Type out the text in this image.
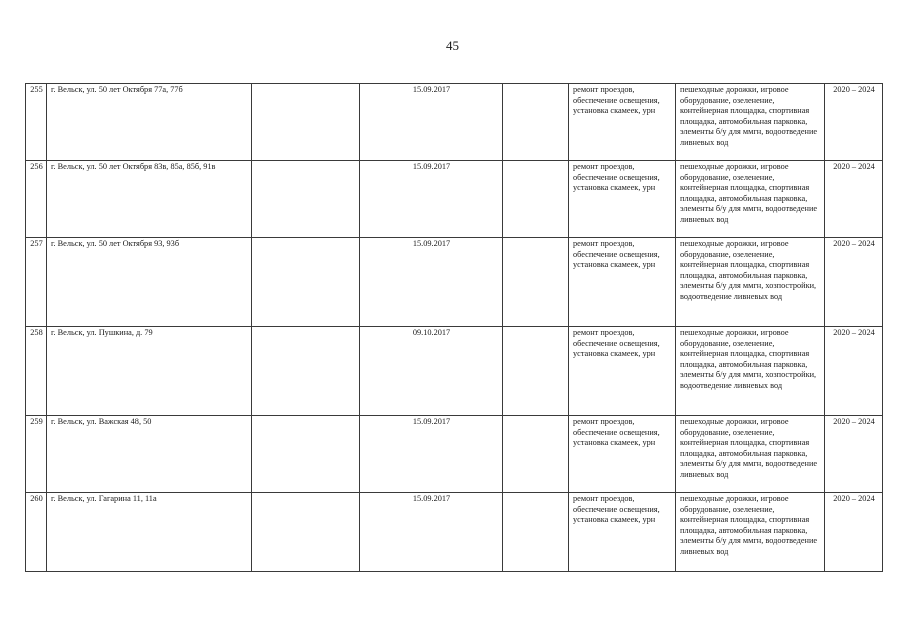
45
255	г. Вельск, ул. 50 лет Октября 77а, 77б		15.09.2017		ремонт проездов, обеспечение освещения, установка скамеек, урн	пешеходные дорожки, игровое оборудование, озеленение, контейнерная площадка, спортивная площадка, автомобильная парковка, элементы б/у для ммгн, водоотведение ливневых вод	2020 – 2024
256	г. Вельск, ул. 50 лет Октября 83в, 85а, 85б, 91в		15.09.2017		ремонт проездов, обеспечение освещения, установка скамеек, урн	пешеходные дорожки, игровое оборудование, озеленение, контейнерная площадка, спортивная площадка, автомобильная парковка, элементы б/у для ммгн, водоотведение ливневых вод	2020 – 2024
257	г. Вельск, ул. 50 лет Октября 93, 93б		15.09.2017		ремонт проездов, обеспечение освещения, установка скамеек, урн	пешеходные дорожки, игровое оборудование, озеленение, контейнерная площадка, спортивная площадка, автомобильная парковка, элементы б/у для ммгн, хозпостройки, водоотведение ливневых вод	2020 – 2024
258	г. Вельск, ул. Пушкина, д. 79		09.10.2017		ремонт проездов, обеспечение освещения, установка скамеек, урн	пешеходные дорожки, игровое оборудование, озеленение, контейнерная площадка, спортивная площадка, автомобильная парковка, элементы б/у для ммгн, хозпостройки, водоотведение ливневых вод	2020 – 2024
259	г. Вельск, ул. Важская 48, 50		15.09.2017		ремонт проездов, обеспечение освещения, установка скамеек, урн	пешеходные дорожки, игровое оборудование, озеленение, контейнерная площадка, спортивная площадка, автомобильная парковка, элементы б/у для ммгн, водоотведение ливневых вод	2020 – 2024
260	г. Вельск, ул. Гагарина 11, 11а		15.09.2017		ремонт проездов, обеспечение освещения, установка скамеек, урн	пешеходные дорожки, игровое оборудование, озеленение, контейнерная площадка, спортивная площадка, автомобильная парковка, элементы б/у для ммгн, водоотведение ливневых вод	2020 – 2024
